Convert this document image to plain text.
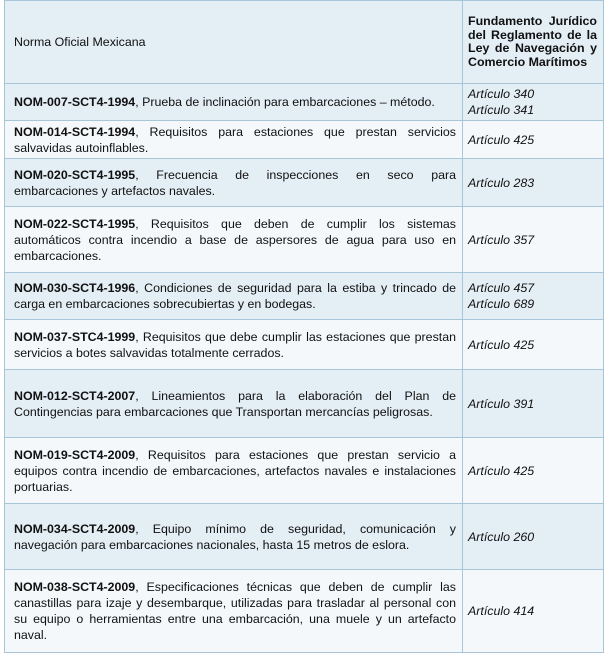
Norma Oficial Mexicana	Fundamento Jurídico del Reglamento de la Ley de Navegación y Comercio Marítimos
NOM-007-SCT4-1994, Prueba de inclinación para embarcaciones – método.	Artículo 340
Artículo 341

NOM-014-SCT4-1994, Requisitos para estaciones que prestan servicios salvavidas autoinflables.	Artículo 425

NOM-020-SCT4-1995, Frecuencia de inspecciones en seco para embarcaciones y artefactos navales.	Artículo 283

NOM-022-SCT4-1995, Requisitos que deben de cumplir los sistemas automáticos contra incendio a base de aspersores de agua para uso en embarcaciones.	Artículo 357

NOM-030-SCT4-1996, Condiciones de seguridad para la estiba y trincado de carga en embarcaciones sobrecubiertas y en bodegas.	Artículo 457
Artículo 689

NOM-037-STC4-1999, Requisitos que debe cumplir las estaciones que prestan servicios a botes salvavidas totalmente cerrados.	Artículo 425

NOM-012-SCT4-2007, Lineamientos para la elaboración del Plan de Contingencias para embarcaciones que Transportan mercancías peligrosas.	Artículo 391

NOM-019-SCT4-2009, Requisitos para estaciones que prestan servicio a equipos contra incendio de embarcaciones, artefactos navales e instalaciones portuarias.	Artículo 425

NOM-034-SCT4-2009, Equipo mínimo de seguridad, comunicación y navegación para embarcaciones nacionales, hasta 15 metros de eslora.	Artículo 260

NOM-038-SCT4-2009, Especificaciones técnicas que deben de cumplir las canastillas para izaje y desembarque, utilizadas para trasladar al personal con su equipo o herramientas entre una embarcación, una muele y un artefacto naval.	Artículo 414
